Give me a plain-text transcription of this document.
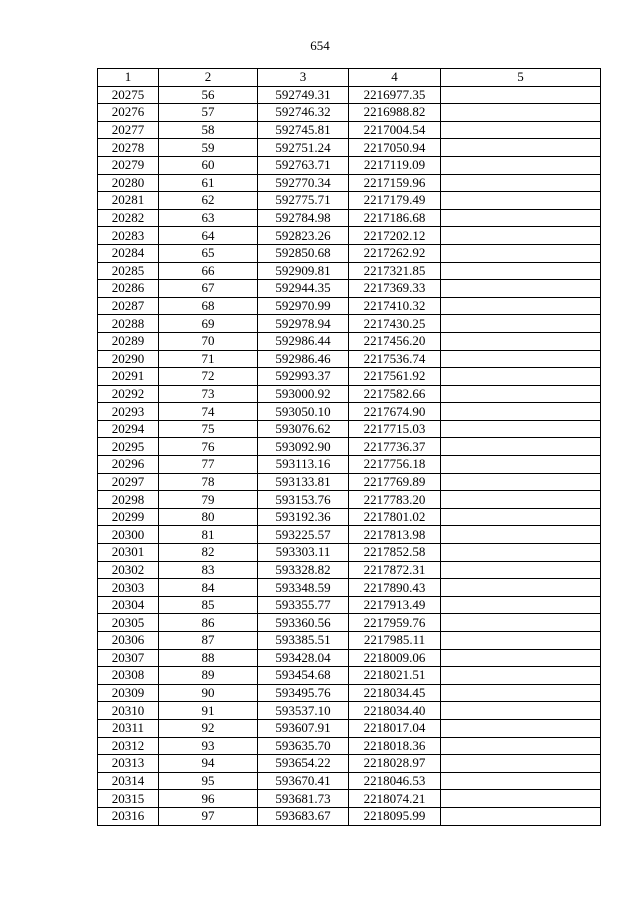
654
1	2	3	4	5
20275	56	592749.31	2216977.35	
20276	57	592746.32	2216988.82	
20277	58	592745.81	2217004.54	
20278	59	592751.24	2217050.94	
20279	60	592763.71	2217119.09	
20280	61	592770.34	2217159.96	
20281	62	592775.71	2217179.49	
20282	63	592784.98	2217186.68	
20283	64	592823.26	2217202.12	
20284	65	592850.68	2217262.92	
20285	66	592909.81	2217321.85	
20286	67	592944.35	2217369.33	
20287	68	592970.99	2217410.32	
20288	69	592978.94	2217430.25	
20289	70	592986.44	2217456.20	
20290	71	592986.46	2217536.74	
20291	72	592993.37	2217561.92	
20292	73	593000.92	2217582.66	
20293	74	593050.10	2217674.90	
20294	75	593076.62	2217715.03	
20295	76	593092.90	2217736.37	
20296	77	593113.16	2217756.18	
20297	78	593133.81	2217769.89	
20298	79	593153.76	2217783.20	
20299	80	593192.36	2217801.02	
20300	81	593225.57	2217813.98	
20301	82	593303.11	2217852.58	
20302	83	593328.82	2217872.31	
20303	84	593348.59	2217890.43	
20304	85	593355.77	2217913.49	
20305	86	593360.56	2217959.76	
20306	87	593385.51	2217985.11	
20307	88	593428.04	2218009.06	
20308	89	593454.68	2218021.51	
20309	90	593495.76	2218034.45	
20310	91	593537.10	2218034.40	
20311	92	593607.91	2218017.04	
20312	93	593635.70	2218018.36	
20313	94	593654.22	2218028.97	
20314	95	593670.41	2218046.53	
20315	96	593681.73	2218074.21	
20316	97	593683.67	2218095.99	
